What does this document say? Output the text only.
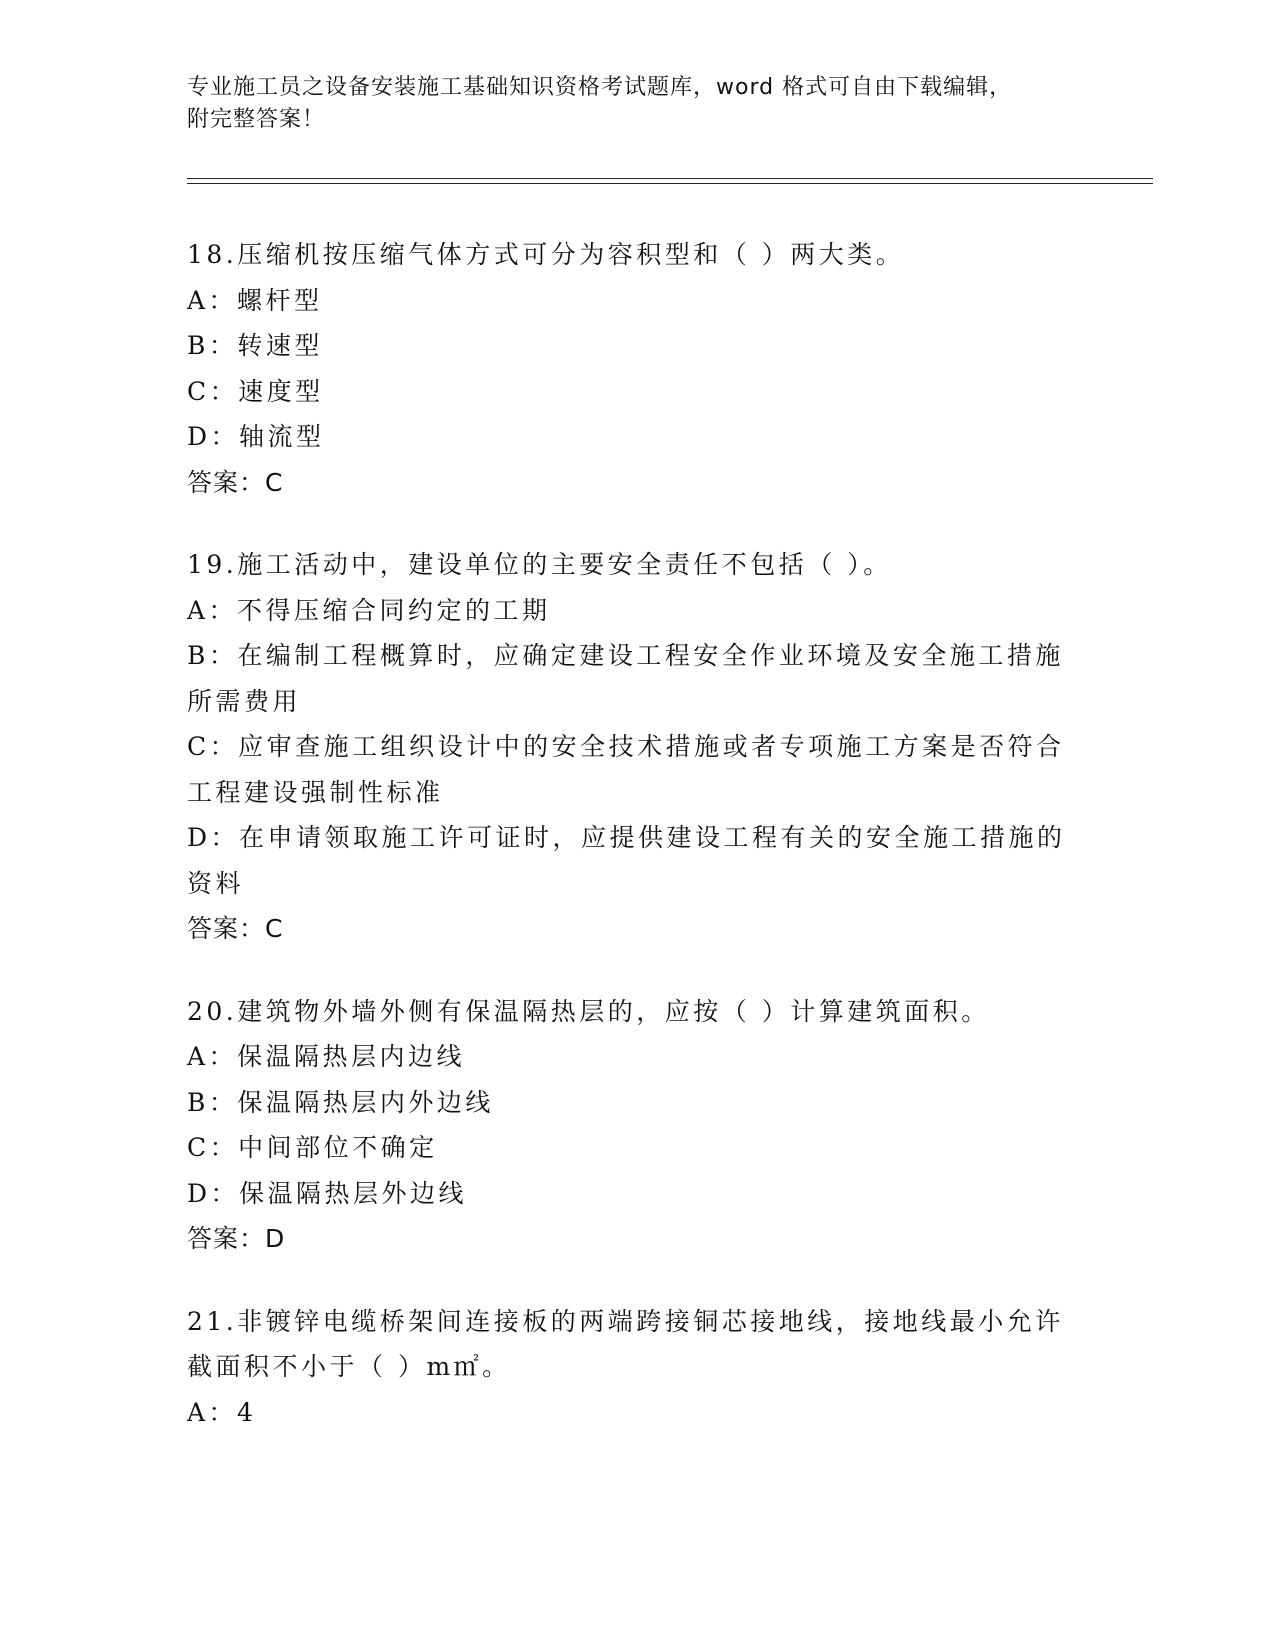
专业施工员之设备安装施工基础知识资格考试题库，word 格式可自由下载编辑，
附完整答案！

18.压缩机按压缩气体方式可分为容积型和（ ）两大类。

A：螺杆型

B：转速型

C：速度型

D：轴流型

答案：C

19.施工活动中，建设单位的主要安全责任不包括（ ）。

A：不得压缩合同约定的工期

B：在编制工程概算时，应确定建设工程安全作业环境及安全施工措施

所需费用

C：应审查施工组织设计中的安全技术措施或者专项施工方案是否符合

工程建设强制性标准

D：在申请领取施工许可证时，应提供建设工程有关的安全施工措施的

资料

答案：C

20.建筑物外墙外侧有保温隔热层的，应按（ ）计算建筑面积。

A：保温隔热层内边线

B：保温隔热层内外边线

C：中间部位不确定

D：保温隔热层外边线

答案：D

21.非镀锌电缆桥架间连接板的两端跨接铜芯接地线，接地线最小允许

截面积不小于（ ）m㎡。

A：4
